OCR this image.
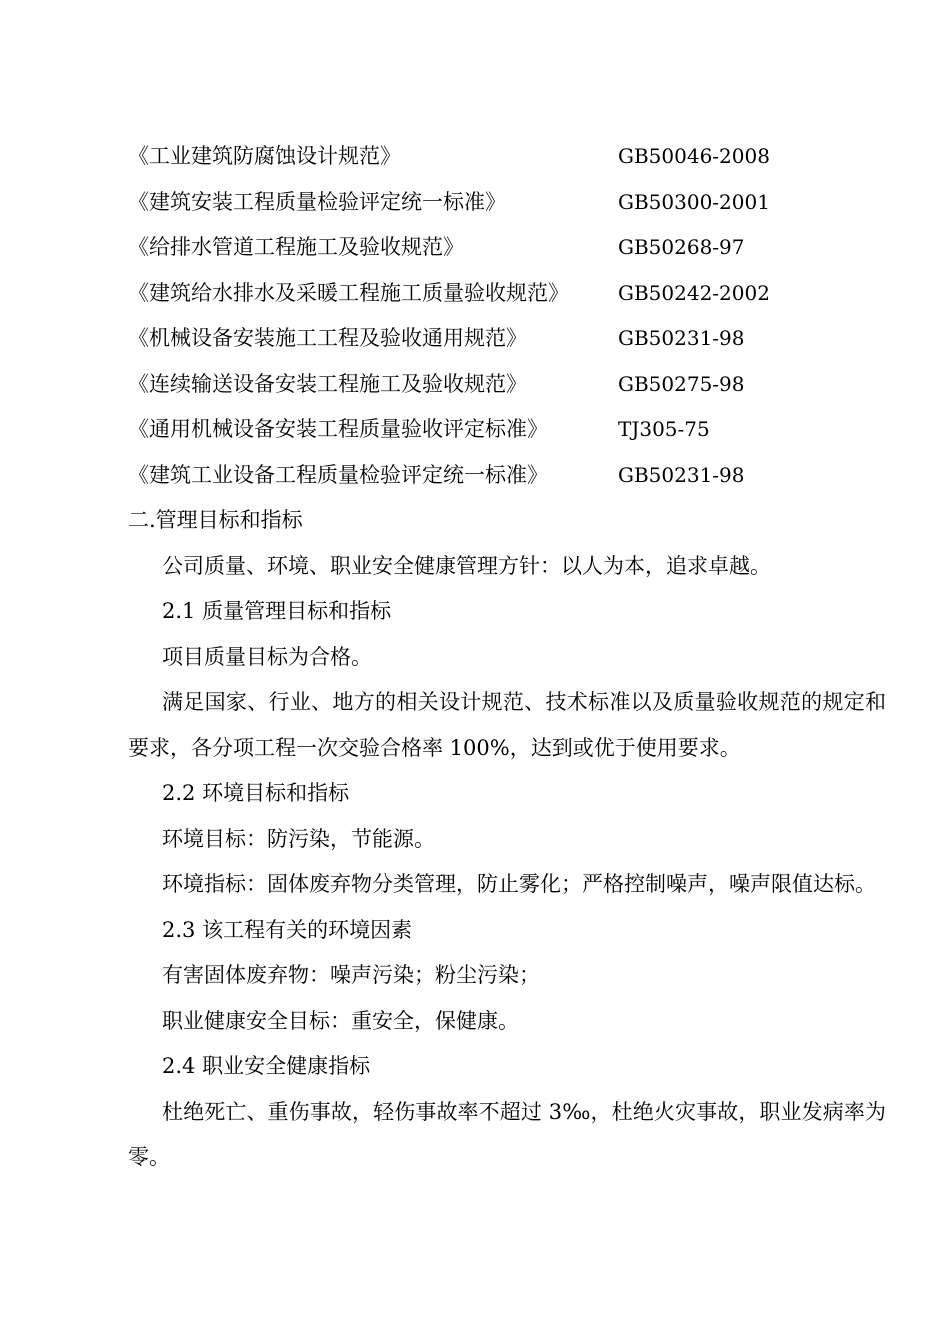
《工业建筑防腐蚀设计规范》	GB50046-2008
《建筑安装工程质量检验评定统一标准》	GB50300-2001
《给排水管道工程施工及验收规范》	GB50268-97
《建筑给水排水及采暖工程施工质量验收规范》 GB50242-2002
《机械设备安装施工工程及验收通用规范》	GB50231-98
《连续输送设备安装工程施工及验收规范》	GB50275-98
《通用机械设备安装工程质量验收评定标准》	TJ305-75
《建筑工业设备工程质量检验评定统一标准》	GB50231-98

二.管理目标和指标

公司质量、环境、职业安全健康管理方针：以人为本，追求卓越。

2.1 质量管理目标和指标

项目质量目标为合格。

满足国家、行业、地方的相关设计规范、技术标准以及质量验收规范的规定和要求，各分项工程一次交验合格率 100%，达到或优于使用要求。

2.2 环境目标和指标

环境目标：防污染，节能源。

环境指标：固体废弃物分类管理，防止雾化；严格控制噪声，噪声限值达标。

2.3 该工程有关的环境因素

有害固体废弃物：噪声污染；粉尘污染；

职业健康安全目标：重安全，保健康。

2.4 职业安全健康指标

杜绝死亡、重伤事故，轻伤事故率不超过 3‰，杜绝火灾事故，职业发病率为零。
